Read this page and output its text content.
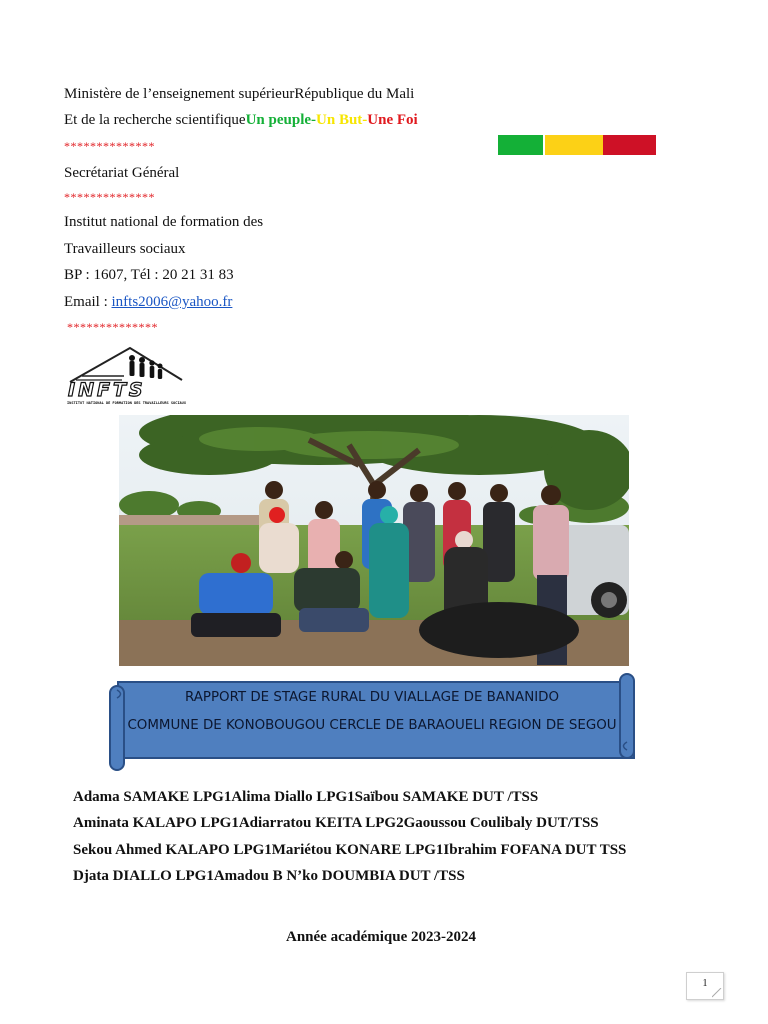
Ministère de l’enseignement supérieurRépublique du Mali
Et de la recherche scientifiqueUn peuple-Un But-Une Foi
**************
Secrétariat Général
**************
Institut national de formation des
Travailleurs sociaux
BP : 1607, Tél : 20 21 31 83
Email : infts2006@yahoo.fr
**************
INFTS
INSTITUT NATIONAL DE FORMATION DES TRAVAILLEURS SOCIAUX
RAPPORT DE STAGE RURAL DU VIALLAGE DE BANANIDO
COMMUNE DE KONOBOUGOU CERCLE DE BARAOUELI REGION DE SEGOU
Adama SAMAKE LPG1Alima Diallo LPG1Saïbou SAMAKE DUT /TSS
Aminata KALAPO LPG1Adiarratou KEITA LPG2Gaoussou Coulibaly DUT/TSS
Sekou Ahmed KALAPO LPG1Mariétou KONARE LPG1Ibrahim FOFANA DUT TSS
Djata DIALLO LPG1Amadou B N’ko DOUMBIA DUT /TSS
Année académique 2023-2024
1
